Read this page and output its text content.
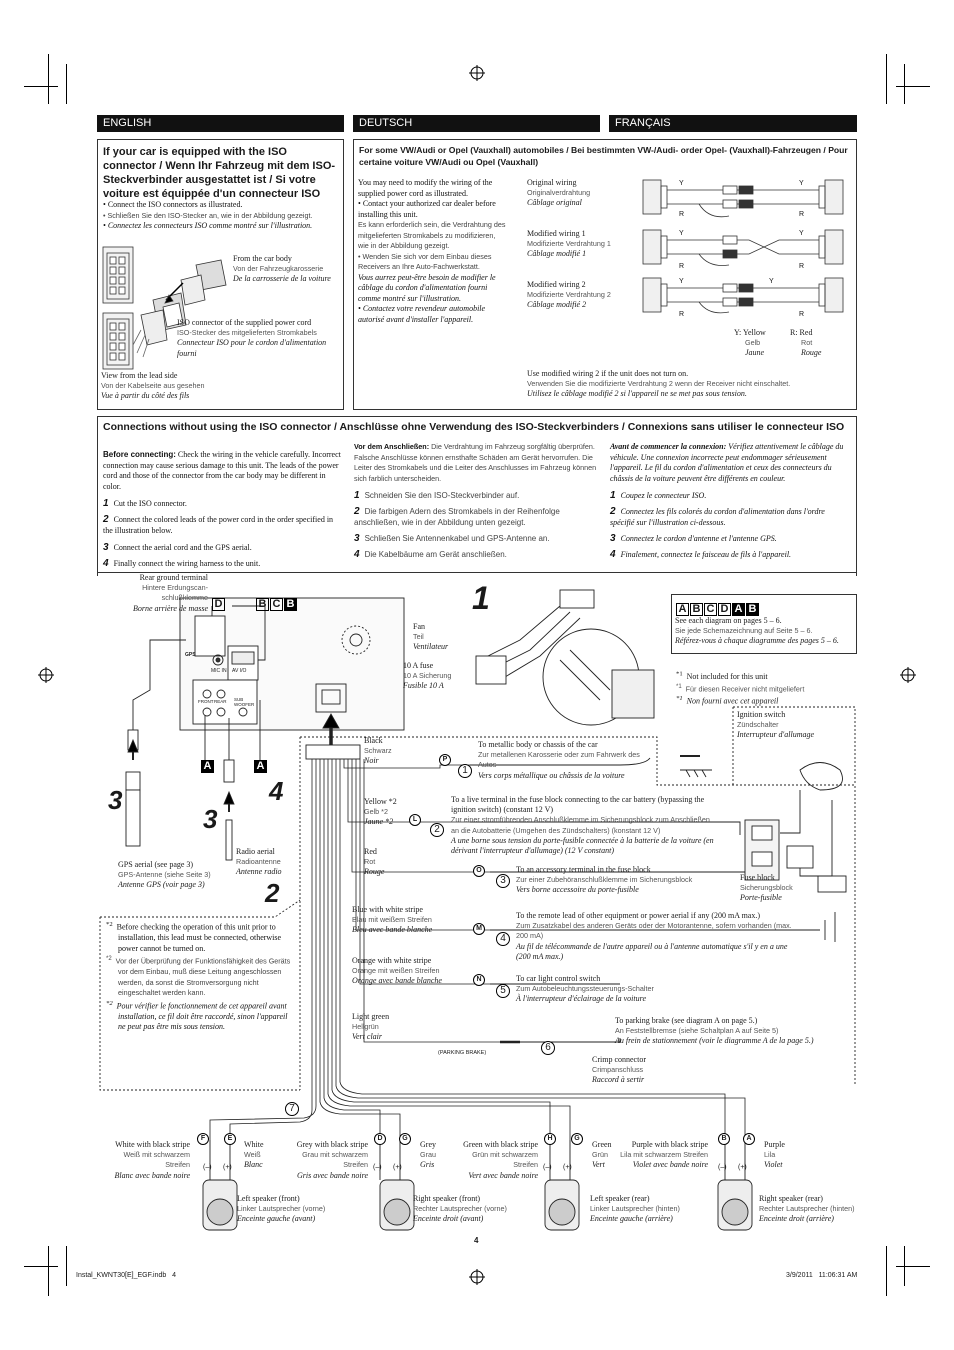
ENGLISH	DEUTSCH	FRANÇAIS
If your car is equipped with the ISO connector / Wenn Ihr Fahrzeug mit dem ISO-Steckverbinder ausgestattet ist / Si votre voiture est équippée d'un connecteur ISO
• Connect the ISO connectors as illustrated.
• Schließen Sie den ISO-Stecker an, wie in der Abbildung gezeigt.
• Connectez les connecteurs ISO comme montré sur l'illustration.
From the car body
Von der Fahrzeugkarosserie
De la carrosserie de la voiture
ISO connector of the supplied power cord
ISO-Stecker des mitgelieferten Stromkabels
Connecteur ISO pour le cordon d'alimentation fourni
View from the lead side
Von der Kabelseite aus gesehen
Vue à partir du côté des fils
For some VW/Audi or Opel (Vauxhall) automobiles / Bei bestimmten VW-/Audi- order Opel- (Vauxhall)-Fahrzeugen / Pour certaine voiture VW/Audi ou Opel (Vauxhall)
You may need to modify the wiring of the supplied power cord as illustrated.
• Contact your authorized car dealer before installing this unit.
Es kann erforderlich sein, die Verdrahtung des mitgelieferten Stromkabels zu modifizieren, wie in der Abbildung gezeigt.
• Wenden Sie sich vor dem Einbau dieses Receivers an Ihre Auto-Fachwerkstatt.
Vous aurrez peut-être besoin de modifier le câblage du cordon d'alimentation fourni comme montré sur l'illustration.
• Contactez votre revendeur automobile autorisé avant d'installer l'appareil.
Original wiring
Originalverdrahtung
Câblage original
Modified wiring 1
Modifizierte Verdrahtung 1
Câblage modifié 1
Modified wiring 2
Modifizierte Verdrahtung 2
Câblage modifié 2
Y	Y
R	R
Y	Y
R	R
Y	Y
R	R
Y: Yellow
Gelb
Jaune
R: Red
Rot
Rouge
Use modified wiring 2 if the unit does not turn on.
Verwenden Sie die modifizierte Verdrahtung 2 wenn der Receiver nicht einschaltet.
Utilisez le câblage modifié 2 si l'appareil ne se met pas sous tension.
Connections without using the ISO connector / Anschlüsse ohne Verwendung des ISO-Steckverbinders / Connexions sans utiliser le connecteur ISO
Before connecting: Check the wiring in the vehicle carefully. Incorrect connection may cause serious damage to this unit. The leads of the power cord and those of the connector from the car body may be different in color.
Vor dem Anschließen: Die Verdrahtung im Fahrzeug sorgfältig überprüfen. Falsche Anschlüsse können ernsthafte Schäden am Gerät hervorrufen. Die Leiter des Stromkabels und die Leiter des Anschlusses im Fahrzeug können sich farblich unterscheiden.
Avant de commencer la connexion: Vérifiez attentivement le câblage du véhicule. Une connexion incorrecte peut endommager sérieusement l'appareil. Le fil du cordon d'alimentation et ceux des connecteurs du châssis de la voiture peuvent être différents en couleur.
1 Cut the ISO connector.
2 Connect the colored leads of the power cord in the order specified in the illustration below.
3 Connect the aerial cord and the GPS aerial.
4 Finally connect the wiring harness to the unit.
1 Schneiden Sie den ISO-Steckverbinder auf.
2 Die farbigen Adern des Stromkabels in der Reihenfolge anschließen, wie in der Abbildung unten gezeigt.
3 Schließen Sie Antennenkabel und GPS-Antenne an.
4 Die Kabelbäume am Gerät anschließen.
1 Coupez le connecteur ISO.
2 Connectez les fils colorés du cordon d'alimentation dans l'ordre spécifié sur l'illustration ci-dessous.
3 Connectez le cordon d'antenne et l'antenne GPS.
4 Finalement, connectez le faisceau de fils à l'appareil.
Rear ground terminal
Hintere Erdungscan-schlußklemme
Borne arrière de masse D	B C B
GPS
MIC IN AV I/O
FRONT REAR SUB WOOFER
Fan
Teil
Ventilateur
10 A fuse
10 A Sicherung
Fusible 10 A
A	A
1
3
3
4
2
GPS aerial (see page 3)
GPS-Antenne (siehe Seite 3)
Antenne GPS (voir page 3)
Radio aerial
Radioantenne
Antenne radio
A B C D A B
See each diagram on pages 5 – 6.
Sie jede Schemazeichnung auf Seite 5 – 6.
Référez-vous à chaque diagramme des pages 5 – 6.
$^{*1}$ Not included for this unit
$^{*1}$ Für diesen Receiver nicht mitgeliefert
$^{*1}$ Non fourni avec cet appareil
Ignition switch
Zündschalter
Interrupteur d'allumage
Fuse block
Sicherungsblock
Porte-fusible
Black
Schwarz
Noir	P
1
To metallic body or chassis of the car
Zur metallenen Karosserie oder zum Fahrwerk des Autos
Vers corps métallique ou châssis de la voiture
Yellow *2
Gelb *2
Jaune *2	L
2
To a live terminal in the fuse block connecting to the car battery (bypassing the ignition switch) (constant 12 V)
Zur einer stromführenden Anschlußklemme im Sicherungsblock zum Anschließen an die Autobatterie (Umgehen des Zündschalters) (konstant 12 V)
A une borne sous tension du porte-fusible connectée à la batterie de la voiture (en dérivant l'interrupteur d'allumage) (12 V constant)
Red
Rot
Rouge	O
3
To an accessory terminal in the fuse block
Zur einer Zubehöranschlußklemme im Sicherungsblock
Vers borne accessoire du porte-fusible
Blue with white stripe
Blau mit weißem Streifen
Bleu avec bande blanche	M
4
To the remote lead of other equipment or power aerial if any (200 mA max.)
Zum Zusatzkabel des anderen Geräts oder der Motorantenne, sofern vorhanden (max. 200 mA)
Au fil de télécommande de l'autre appareil ou à l'antenne automatique s'il y en a une (200 mA max.)
Orange with white stripe
Orange mit weißen Streifen
Orange avec bande blanche	N
5
To car light control switch
Zum Autobeleuchtungssteuerungs-Schalter
À l'interrupteur d'éclairage de la voiture
Light green
Hellgrün
Vert clair
(PARKING BRAKE)	6
To parking brake (see diagram A on page 5.)
An Feststellbremse (siehe Schaltplan A auf Seite 5)
Au frein de stationnement (voir le diagramme A de la page 5.)
Crimp connector
Crimpanschluss
Raccord à sertir
7
$^{*2}$ Before checking the operation of this unit prior to installation, this lead must be connected, otherwise power cannot be turned on.
$^{*2}$ Vor der Überprüfung der Funktionsfähigkeit des Geräts vor dem Einbau, muß diese Leitung angeschlossen werden, da sonst die Stromversorgung nicht eingeschaltet werden kann.
$^{*2}$ Pour vérifier le fonctionnement de cet appareil avant installation, ce fil doit être raccordé, sinon l'appareil ne peut pas être mis sous tension.
White with black stripe
Weiß mit schwarzem Streifen
Blanc avec bande noire
White
Weiß
Blanc
Grey with black stripe
Grau mit schwarzem Streifen
Gris avec bande noire
Grey
Grau
Gris
Green with black stripe
Grün mit schwarzem Streifen
Vert avec bande noire
Green
Grün
Vert
Purple with black stripe
Lila mit schwarzem Streifen
Violet avec bande noire
Purple
Lila
Violet
F	E	D	G	H	G	B	A
(–) (+)	(–) (+)	(–) (+)	(–) (+)
Left speaker (front)
Linker Lautsprecher (vorne)
Enceinte gauche (avant)
Right speaker (front)
Rechter Lautsprecher (vorne)
Enceinte droit (avant)
Left speaker (rear)
Linker Lautsprecher (hinten)
Enceinte gauche (arrière)
Right speaker (rear)
Rechter Lautsprecher (hinten)
Enceinte droit (arrière)
4
Instal_KWNT30[E]_EGF.indb   4	3/9/2011   11:06:31 AM
